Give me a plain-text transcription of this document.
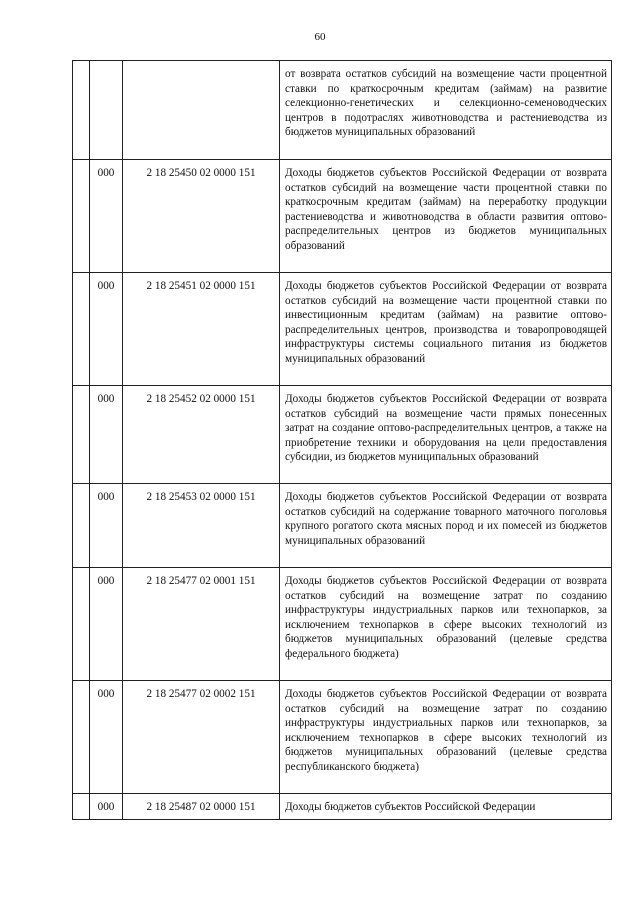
60
			от возврата остатков субсидий на возмещение части процентной ставки по краткосрочным кредитам (займам) на развитие селекционно-генетических и селекционно-семеноводческих центров в подотраслях животноводства и растениеводства из бюджетов муниципальных образований
	000	2 18 25450 02 0000 151	Доходы бюджетов субъектов Российской Федерации от возврата остатков субсидий на возмещение части процентной ставки по краткосрочным кредитам (займам) на переработку продукции растениеводства и животноводства в области развития оптово-распределительных центров из бюджетов муниципальных образований
	000	2 18 25451 02 0000 151	Доходы бюджетов субъектов Российской Федерации от возврата остатков субсидий на возмещение части процентной ставки по инвестиционным кредитам (займам) на развитие оптово-распределительных центров, производства и товаропроводящей инфраструктуры системы социального питания из бюджетов муниципальных образований
	000	2 18 25452 02 0000 151	Доходы бюджетов субъектов Российской Федерации от возврата остатков субсидий на возмещение части прямых понесенных затрат на создание оптово-распределительных центров, а также на приобретение техники и оборудования на цели предоставления субсидии, из бюджетов муниципальных образований
	000	2 18 25453 02 0000 151	Доходы бюджетов субъектов Российской Федерации от возврата остатков субсидий на содержание товарного маточного поголовья крупного рогатого скота мясных пород и их помесей из бюджетов муниципальных образований
	000	2 18 25477 02 0001 151	Доходы бюджетов субъектов Российской Федерации от возврата остатков субсидий на возмещение затрат по созданию инфраструктуры индустриальных парков или технопарков, за исключением технопарков в сфере высоких технологий из бюджетов муниципальных образований (целевые средства федерального бюджета)
	000	2 18 25477 02 0002 151	Доходы бюджетов субъектов Российской Федерации от возврата остатков субсидий на возмещение затрат по созданию инфраструктуры индустриальных парков или технопарков, за исключением технопарков в сфере высоких технологий из бюджетов муниципальных образований (целевые средства республиканского бюджета)
	000	2 18 25487 02 0000 151	Доходы бюджетов субъектов Российской Федерации
